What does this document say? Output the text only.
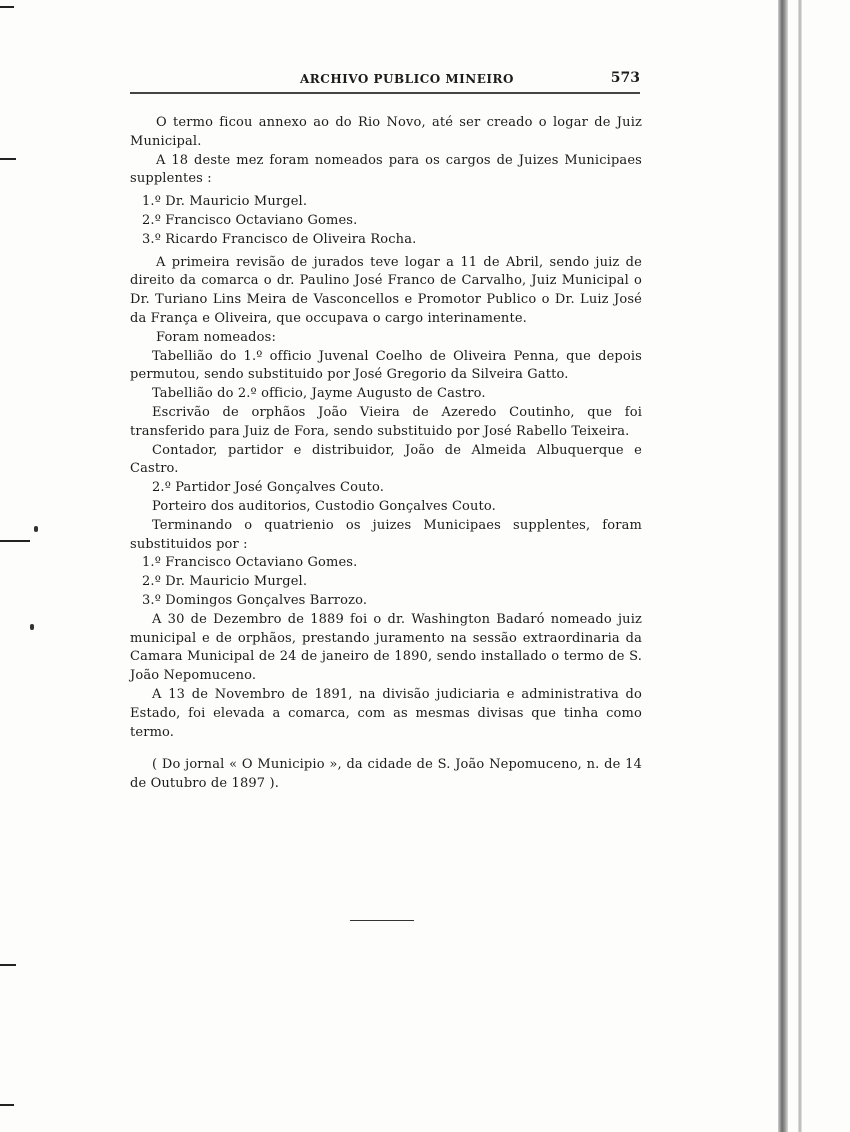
ARCHIVO PUBLICO MINEIRO	573

O termo ficou annexo ao do Rio Novo, até ser creado o logar de Juiz Municipal.

A 18 deste mez foram nomeados para os cargos de Juizes Municipaes supplentes :

1.º Dr. Mauricio Murgel.

2.º Francisco Octaviano Gomes.

3.º Ricardo Francisco de Oliveira Rocha.

A primeira revisão de jurados teve logar a 11 de Abril, sendo juiz de direito da comarca o dr. Paulino José Franco de Carvalho, Juiz Municipal o Dr. Turiano Lins Meira de Vasconcellos e Promotor Publico o Dr. Luiz José da França e Oliveira, que occupava o cargo interinamente.

Foram nomeados:

Tabellião do 1.º officio Juvenal Coelho de Oliveira Penna, que depois permutou, sendo substituido por José Gregorio da Silveira Gatto.

Tabellião do 2.º officio, Jayme Augusto de Castro.

Escrivão de orphãos João Vieira de Azeredo Coutinho, que foi transferido para Juiz de Fora, sendo substituido por José Rabello Teixeira.

Contador, partidor e distribuidor, João de Almeida Albuquerque e Castro.

2.º Partidor José Gonçalves Couto.

Porteiro dos auditorios, Custodio Gonçalves Couto.

Terminando o quatrienio os juizes Municipaes supplentes, foram substituidos por :

1.º Francisco Octaviano Gomes.

2.º Dr. Mauricio Murgel.

3.º Domingos Gonçalves Barrozo.

A 30 de Dezembro de 1889 foi o dr. Washington Badaró nomeado juiz municipal e de orphãos, prestando juramento na sessão extraordinaria da Camara Municipal de 24 de janeiro de 1890, sendo installado o termo de S. João Nepomuceno.

A 13 de Novembro de 1891, na divisão judiciaria e administrativa do Estado, foi elevada a comarca, com as mesmas divisas que tinha como termo.

( Do jornal « O Municipio », da cidade de S. João Nepomuceno, n. de 14 de Outubro de 1897 ).
